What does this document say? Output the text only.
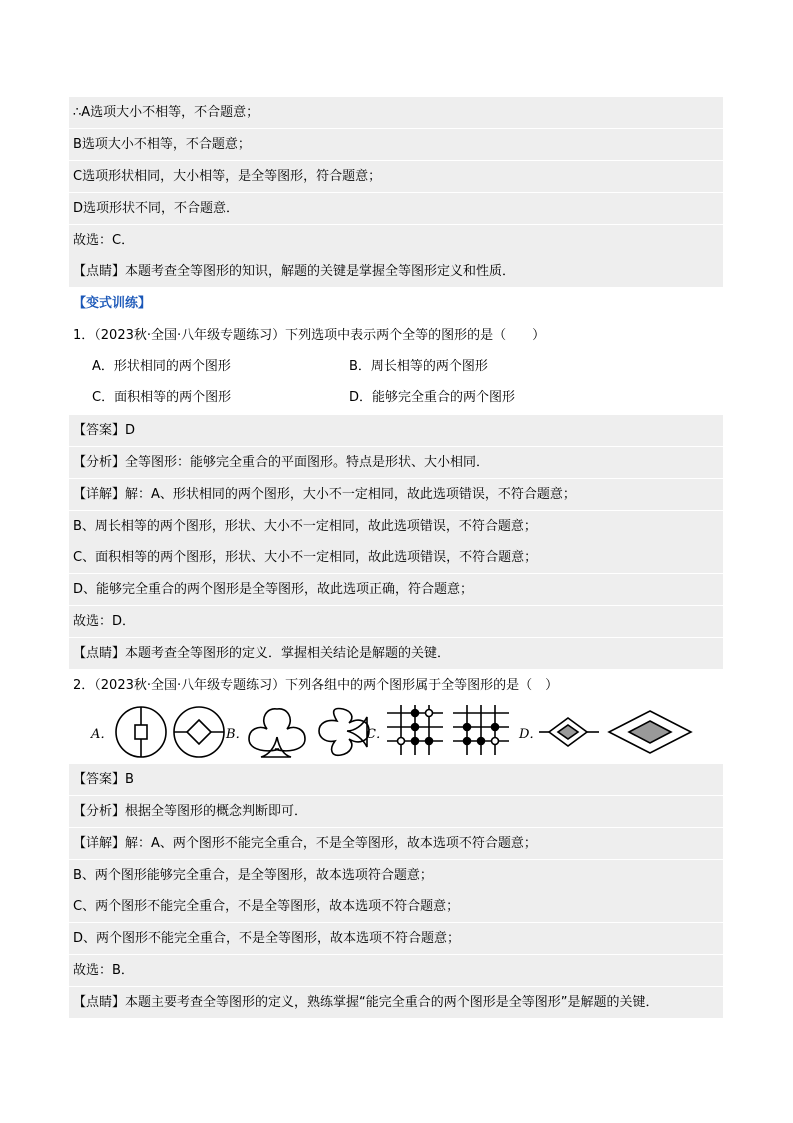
∴A选项大小不相等，不合题意；
B选项大小不相等，不合题意；
C选项形状相同，大小相等，是全等图形，符合题意；
D选项形状不同，不合题意．
故选：C．
【点睛】本题考查全等图形的知识，解题的关键是掌握全等图形定义和性质．
【变式训练】
1．（2023秋·全国·八年级专题练习）下列选项中表示两个全等的图形的是（　　）
A．形状相同的两个图形	B．周长相等的两个图形
C．面积相等的两个图形	D．能够完全重合的两个图形
【答案】D
【分析】全等图形：能够完全重合的平面图形。特点是形状、大小相同．
【详解】解：A、形状相同的两个图形，大小不一定相同，故此选项错误，不符合题意；
B、周长相等的两个图形，形状、大小不一定相同，故此选项错误，不符合题意；
C、面积相等的两个图形，形状、大小不一定相同，故此选项错误，不符合题意；
D、能够完全重合的两个图形是全等图形，故此选项正确，符合题意；
故选：D．
【点睛】本题考查全等图形的定义．掌握相关结论是解题的关键．
2．（2023秋·全国·八年级专题练习）下列各组中的两个图形属于全等图形的是（　）
A．	B．	C．	D．
【答案】B
【分析】根据全等图形的概念判断即可．
【详解】解：A、两个图形不能完全重合，不是全等图形，故本选项不符合题意；
B、两个图形能够完全重合，是全等图形，故本选项符合题意；
C、两个图形不能完全重合，不是全等图形，故本选项不符合题意；
D、两个图形不能完全重合，不是全等图形，故本选项不符合题意；
故选：B．
【点睛】本题主要考查全等图形的定义，熟练掌握“能完全重合的两个图形是全等图形”是解题的关键．
